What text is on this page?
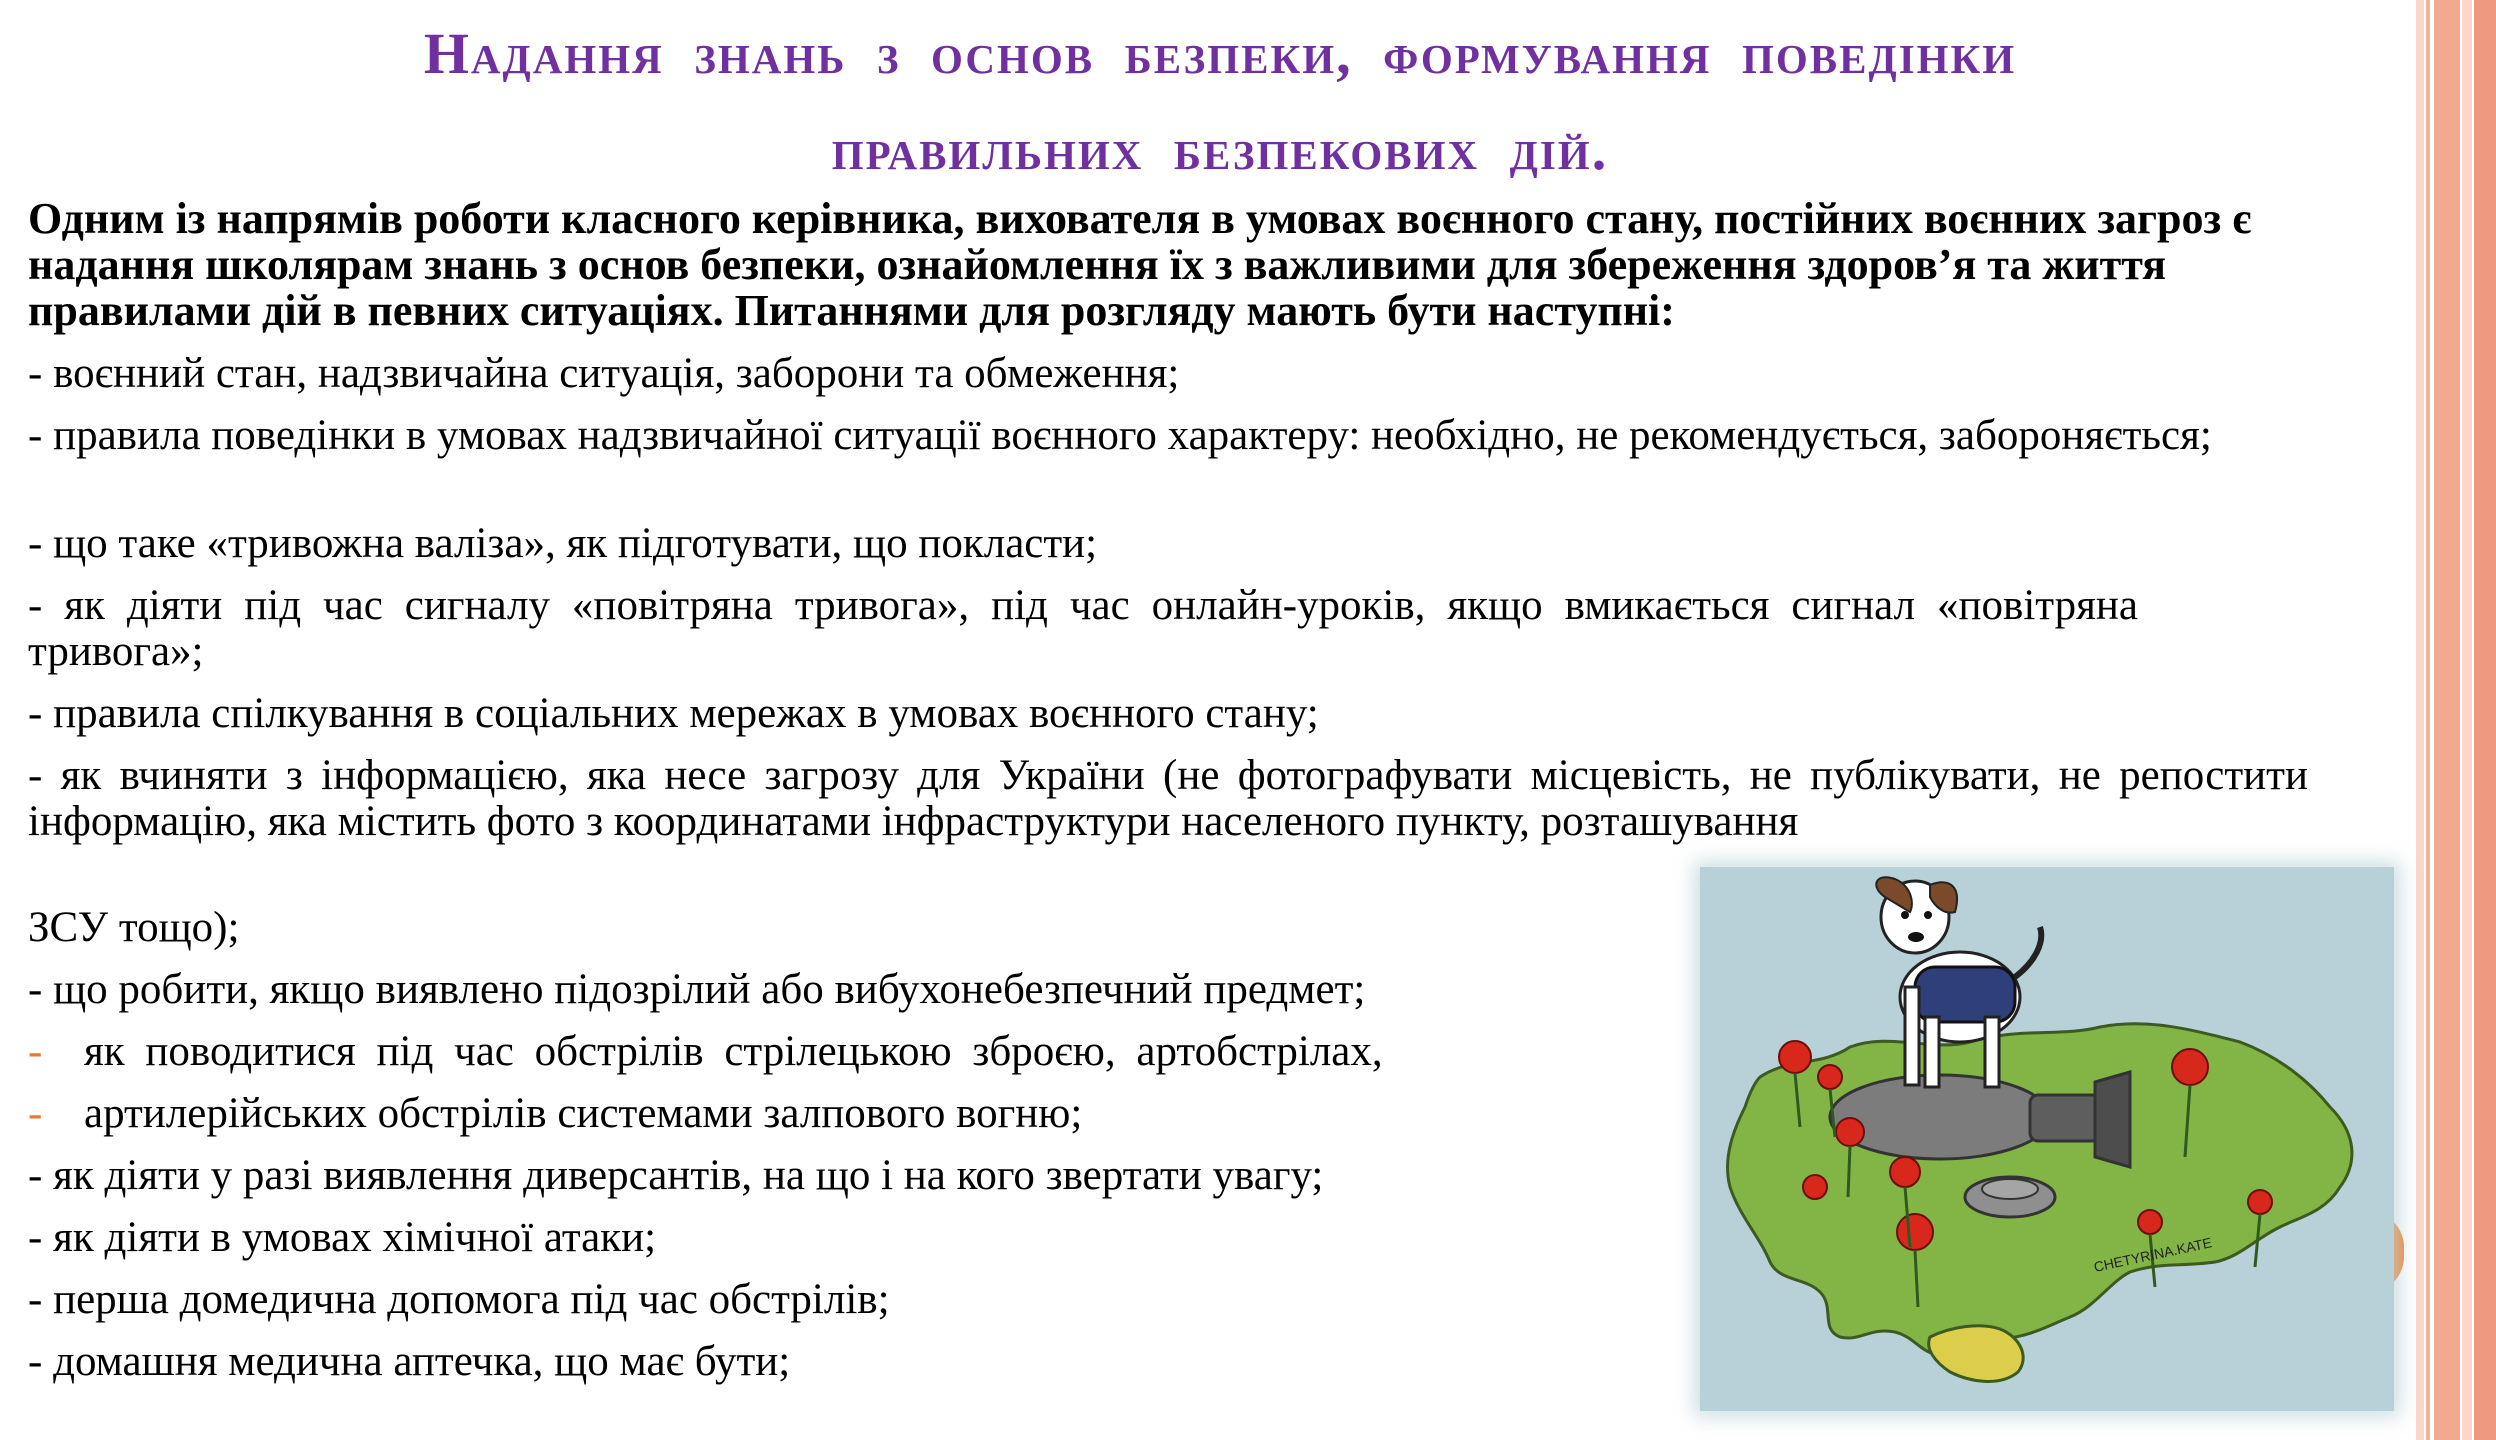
Надання знань з основ безпеки, формування поведінки
правильних безпекових дій.

Одним із напрямів роботи класного керівника, вихователя в умовах воєнного стану, постійних воєнних загроз є надання школярам знань з основ безпеки, ознайомлення їх з важливими для збереження здоров’я та життя правилами дій в певних ситуаціях. Питаннями для розгляду мають бути наступні:

- воєнний стан, надзвичайна ситуація, заборони та обмеження;
- правила поведінки в умовах надзвичайної ситуації воєнного характеру: необхідно, не рекомендується, забороняється;
- що таке «тривожна валіза», як підготувати, що покласти;
- як діяти під час сигналу «повітряна тривога», під час онлайн-уроків, якщо вмикається сигнал «повітряна тривога»;
- правила спілкування в соціальних мережах в умовах воєнного стану;
- як вчиняти з інформацією, яка несе загрозу для України (не фотографувати місцевість, не публікувати, не репостити інформацію, яка містить фото з координатами інфраструктури населеного пункту, розташування
ЗСУ тощо);
- що робити, якщо виявлено підозрілий або вибухонебезпечний предмет;
- як поводитися під час обстрілів стрілецькою зброєю, артобстрілах,
- артилерійських обстрілів системами залпового вогню;
- як діяти у разі виявлення диверсантів, на що і на кого звертати увагу;
- як діяти в умовах хімічної атаки;
- перша домедична допомога під час обстрілів;
- домашня медична аптечка, що має бути;
CHETYRINA.KATE
